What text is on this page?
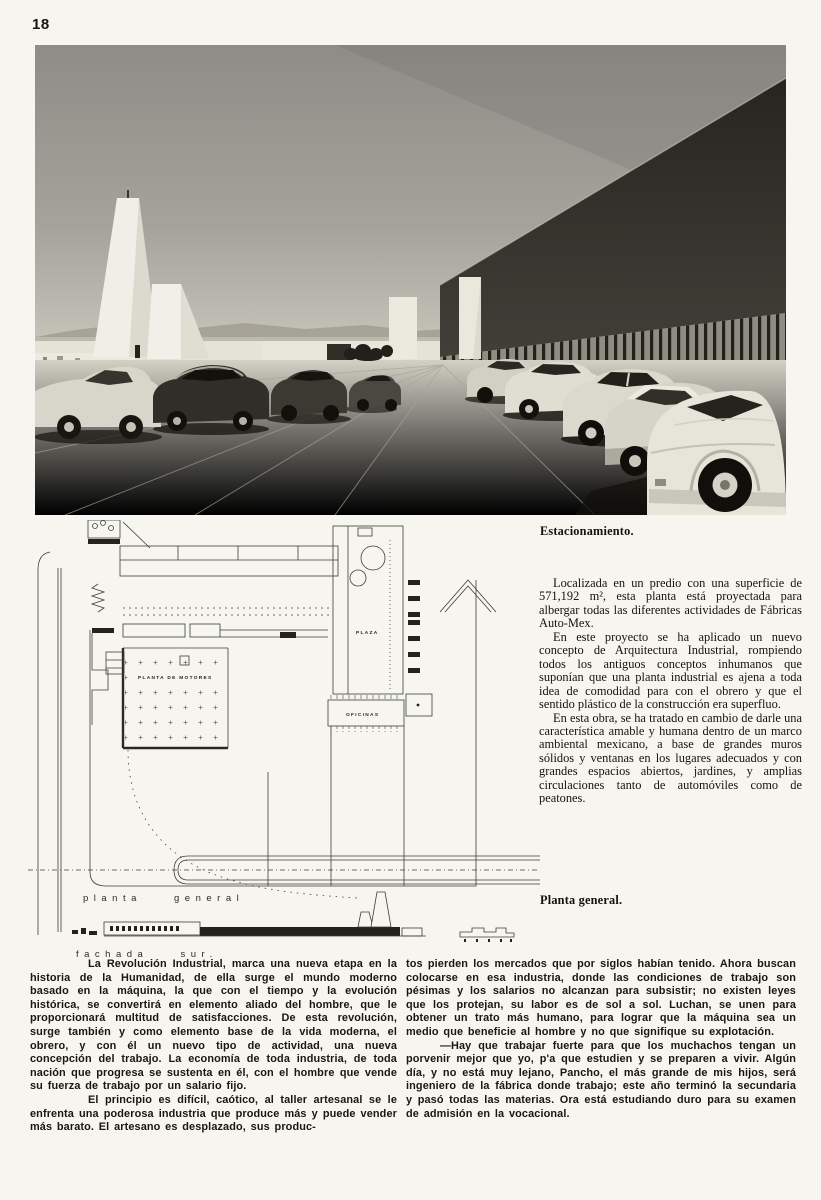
18
Estacionamiento.
Planta general.

Localizada en un predio con una superficie de 571,192 m², esta planta está proyectada para albergar todas las diferentes actividades de Fábricas Auto-Mex.

En este proyecto se ha aplicado un nuevo concepto de Arquitectura Industrial, rompiendo todos los antiguos conceptos inhumanos que suponían que una planta industrial es ajena a toda idea de comodidad para con el obrero y que el sentido plástico de la construcción era superfluo.

En esta obra, se ha tratado en cambio de darle una característica amable y humana dentro de un marco ambiental mexicano, a base de grandes muros sólidos y ventanas en los lugares adecuados y con grandes espacios abiertos, jardines, y amplias circulaciones tanto de automóviles como de peatones.

PLANTA DE MOTORES
PLAZA
OFICINAS
planta general
fachada sur.

La Revolución Industrial, marca una nueva etapa en la historia de la Humanidad, de ella surge el mundo moderno basado en la máquina, la que con el tiempo y la evolución histórica, se convertirá en elemento aliado del hombre, que le proporcionará multitud de satisfacciones. De esta revolución, surge también y como elemento base de la vida moderna, el obrero, y con él un nuevo tipo de actividad, una nueva concepción del trabajo. La economía de toda industria, de toda nación que progresa se sustenta en él, con el hombre que vende su fuerza de trabajo por un salario fijo.

El principio es difícil, caótico, al taller artesanal se le enfrenta una poderosa industria que produce más y puede vender más barato. El artesano es desplazado, sus produc-

tos pierden los mercados que por siglos habían tenido. Ahora buscan colocarse en esa industria, donde las condiciones de trabajo son pésimas y los salarios no alcanzan para subsistir; no existen leyes que los protejan, su labor es de sol a sol. Luchan, se unen para obtener un trato más humano, para lograr que la máquina sea un medio que beneficie al hombre y no que signifique su explotación.

—Hay que trabajar fuerte para que los muchachos tengan un porvenir mejor que yo, p'a que estudien y se preparen a vivir. Algún día, y no está muy lejano, Pancho, el más grande de mis hijos, será ingeniero de la fábrica donde trabajo; este año terminó la secundaria y pasó todas las materias. Ora está estudiando duro para su examen de admisión en la vocacional.
